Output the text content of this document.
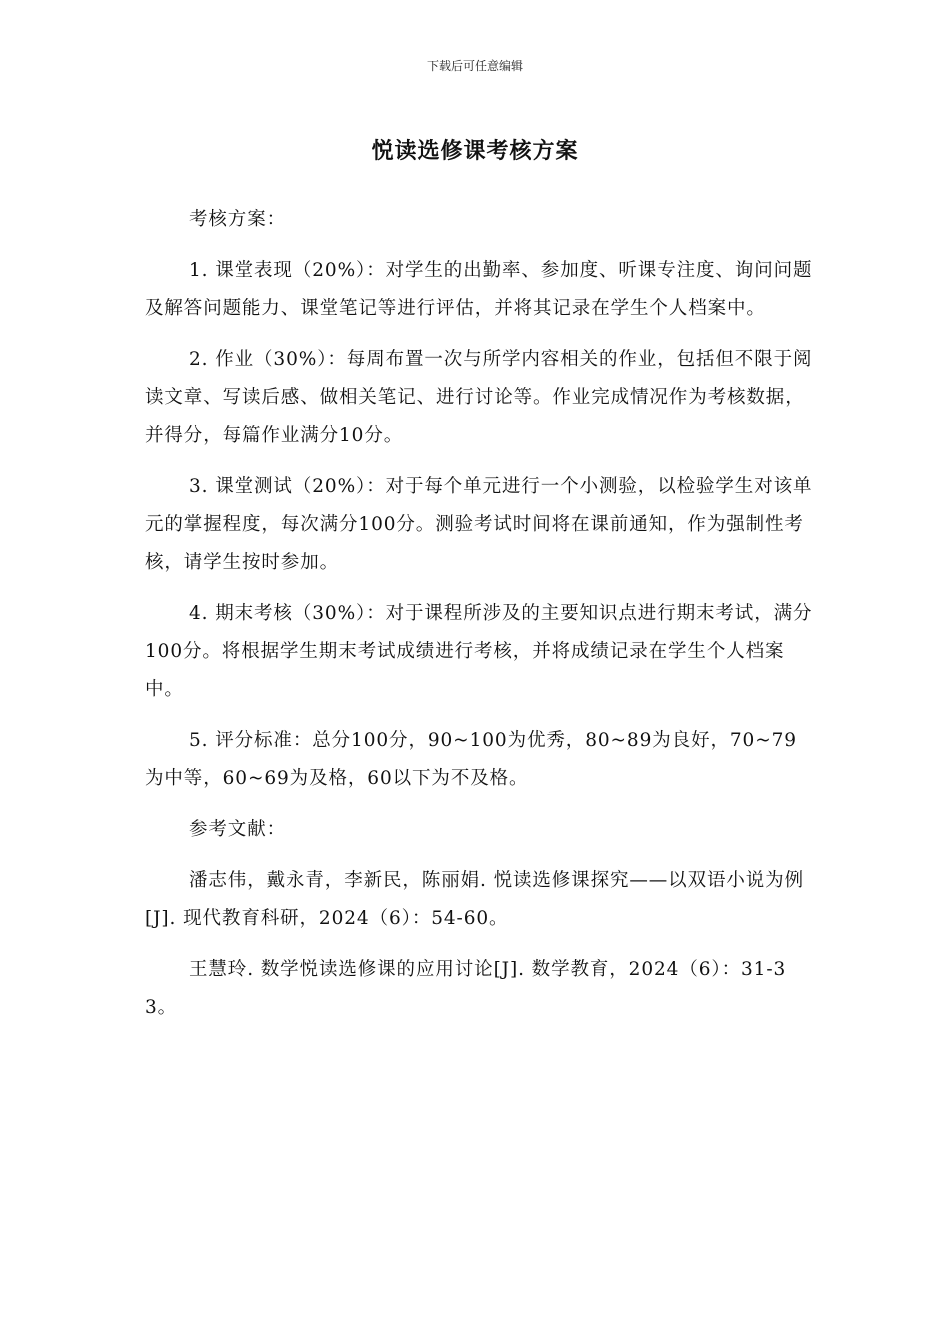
下载后可任意编辑
悦读选修课考核方案

考核方案：

1. 课堂表现（20%）：对学生的出勤率、参加度、听课专注度、询问问题及解答问题能力、课堂笔记等进行评估，并将其记录在学生个人档案中。

2. 作业（30%）：每周布置一次与所学内容相关的作业，包括但不限于阅读文章、写读后感、做相关笔记、进行讨论等。作业完成情况作为考核数据，并得分，每篇作业满分10分。

3. 课堂测试（20%）：对于每个单元进行一个小测验，以检验学生对该单元的掌握程度，每次满分100分。测验考试时间将在课前通知，作为强制性考核，请学生按时参加。

4. 期末考核（30%）：对于课程所涉及的主要知识点进行期末考试，满分100分。将根据学生期末考试成绩进行考核，并将成绩记录在学生个人档案中。

5. 评分标准：总分100分，90~100为优秀，80~89为良好，70~79为中等，60~69为及格，60以下为不及格。

参考文献：

潘志伟，戴永青，李新民，陈丽娟. 悦读选修课探究——以双语小说为例[J]. 现代教育科研，2024（6）：54-60。

王慧玲. 数学悦读选修课的应用讨论[J]. 数学教育，2024（6）：31-33。
